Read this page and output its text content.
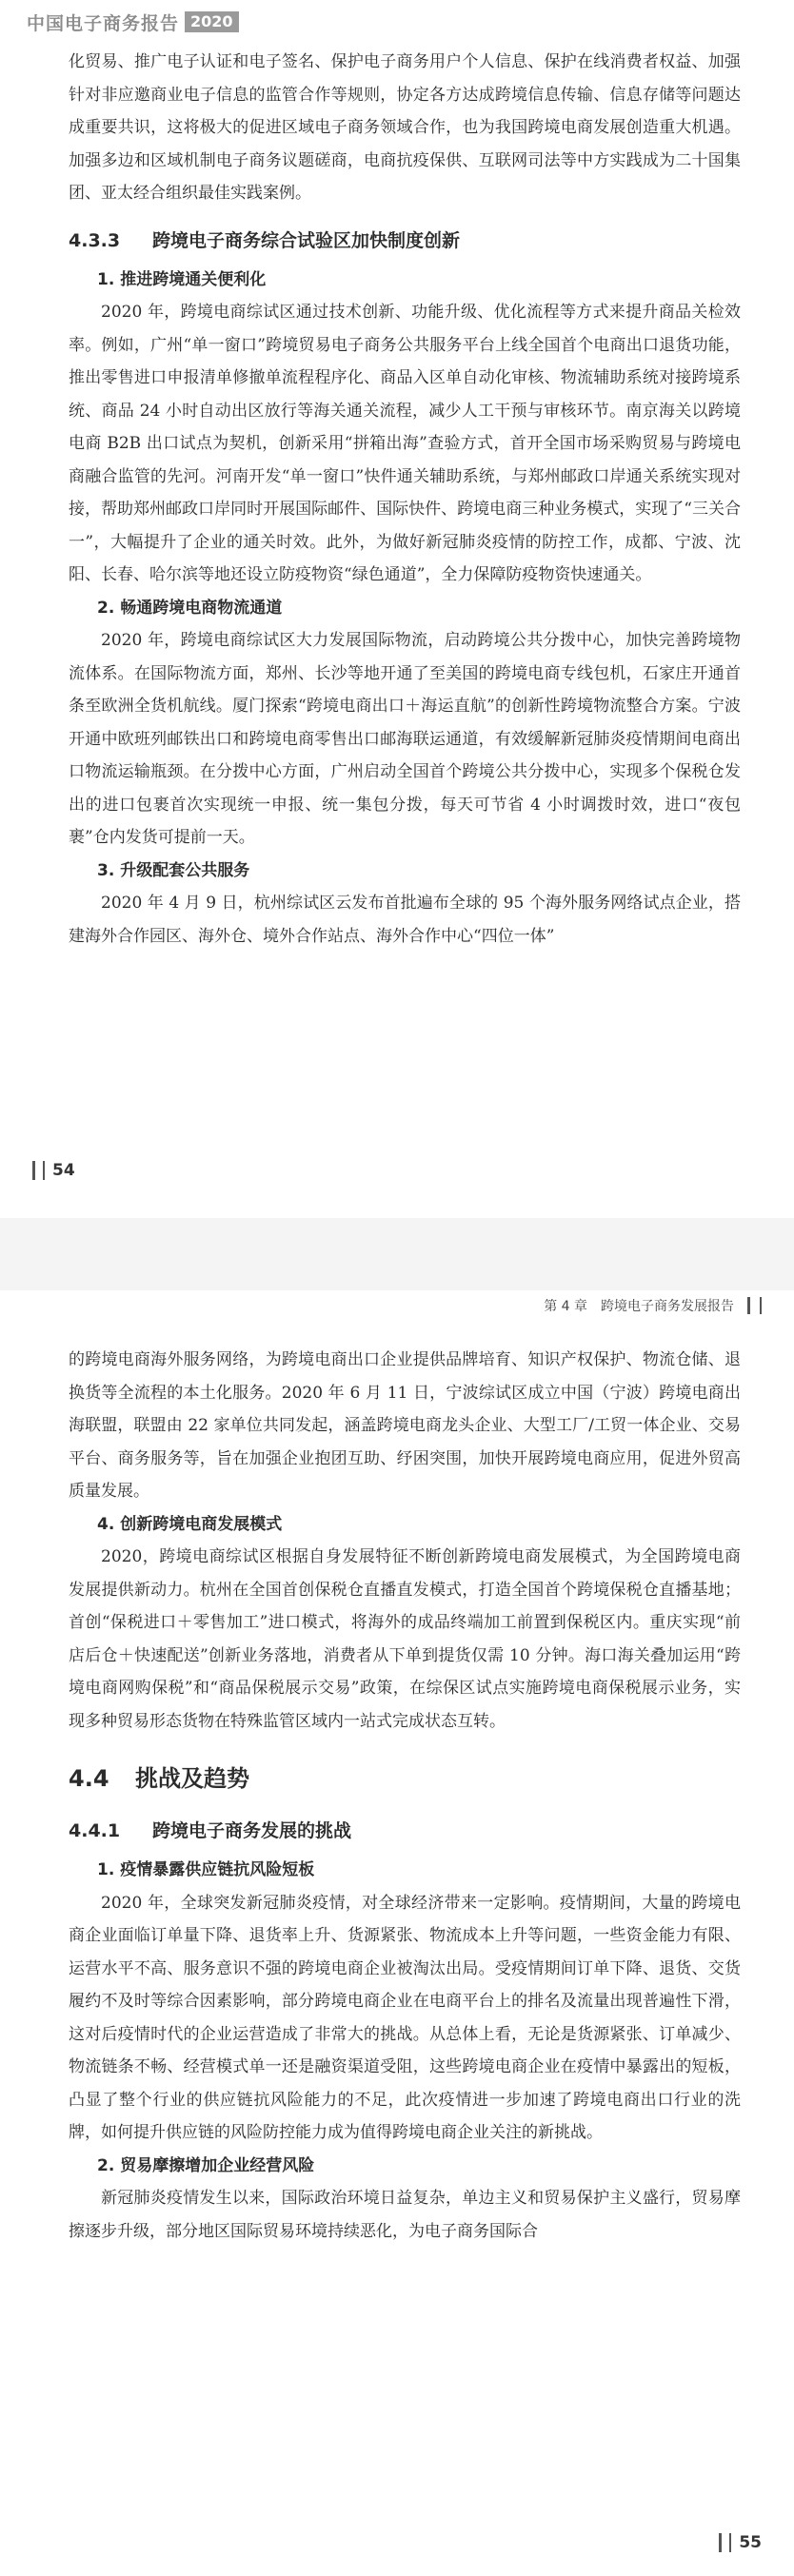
中国电子商务报告 2020

化贸易、推广电子认证和电子签名、保护电子商务用户个人信息、保护在线消费者权益、加强针对非应邀商业电子信息的监管合作等规则，协定各方达成跨境信息传输、信息存储等问题达成重要共识，这将极大的促进区域电子商务领域合作，也为我国跨境电商发展创造重大机遇。加强多边和区域机制电子商务议题磋商，电商抗疫保供、互联网司法等中方实践成为二十国集团、亚太经合组织最佳实践案例。

4.3.3 跨境电子商务综合试验区加快制度创新

1. 推进跨境通关便利化

2020 年，跨境电商综试区通过技术创新、功能升级、优化流程等方式来提升商品关检效率。例如，广州“单一窗口”跨境贸易电子商务公共服务平台上线全国首个电商出口退货功能，推出零售进口申报清单修撤单流程程序化、商品入区单自动化审核、物流辅助系统对接跨境系统、商品 24 小时自动出区放行等海关通关流程，减少人工干预与审核环节。南京海关以跨境电商 B2B 出口试点为契机，创新采用“拼箱出海”查验方式，首开全国市场采购贸易与跨境电商融合监管的先河。河南开发“单一窗口”快件通关辅助系统，与郑州邮政口岸通关系统实现对接，帮助郑州邮政口岸同时开展国际邮件、国际快件、跨境电商三种业务模式，实现了“三关合一”，大幅提升了企业的通关时效。此外，为做好新冠肺炎疫情的防控工作，成都、宁波、沈阳、长春、哈尔滨等地还设立防疫物资“绿色通道”，全力保障防疫物资快速通关。

2. 畅通跨境电商物流通道

2020 年，跨境电商综试区大力发展国际物流，启动跨境公共分拨中心，加快完善跨境物流体系。在国际物流方面，郑州、长沙等地开通了至美国的跨境电商专线包机，石家庄开通首条至欧洲全货机航线。厦门探索“跨境电商出口＋海运直航”的创新性跨境物流整合方案。宁波开通中欧班列邮铁出口和跨境电商零售出口邮海联运通道，有效缓解新冠肺炎疫情期间电商出口物流运输瓶颈。在分拨中心方面，广州启动全国首个跨境公共分拨中心，实现多个保税仓发出的进口包裹首次实现统一申报、统一集包分拨，每天可节省 4 小时调拨时效，进口“夜包裹”仓内发货可提前一天。

3. 升级配套公共服务

2020 年 4 月 9 日，杭州综试区云发布首批遍布全球的 95 个海外服务网络试点企业，搭建海外合作园区、海外仓、境外合作站点、海外合作中心“四位一体”

54
第 4 章　跨境电子商务发展报告

的跨境电商海外服务网络，为跨境电商出口企业提供品牌培育、知识产权保护、物流仓储、退换货等全流程的本土化服务。2020 年 6 月 11 日，宁波综试区成立中国（宁波）跨境电商出海联盟，联盟由 22 家单位共同发起，涵盖跨境电商龙头企业、大型工厂/工贸一体企业、交易平台、商务服务等，旨在加强企业抱团互助、纾困突围，加快开展跨境电商应用，促进外贸高质量发展。

4. 创新跨境电商发展模式

2020，跨境电商综试区根据自身发展特征不断创新跨境电商发展模式，为全国跨境电商发展提供新动力。杭州在全国首创保税仓直播直发模式，打造全国首个跨境保税仓直播基地；首创“保税进口＋零售加工”进口模式，将海外的成品终端加工前置到保税区内。重庆实现“前店后仓＋快速配送”创新业务落地，消费者从下单到提货仅需 10 分钟。海口海关叠加运用“跨境电商网购保税”和“商品保税展示交易”政策，在综保区试点实施跨境电商保税展示业务，实现多种贸易形态货物在特殊监管区域内一站式完成状态互转。

4.4 挑战及趋势

4.4.1 跨境电子商务发展的挑战

1. 疫情暴露供应链抗风险短板

2020 年，全球突发新冠肺炎疫情，对全球经济带来一定影响。疫情期间，大量的跨境电商企业面临订单量下降、退货率上升、货源紧张、物流成本上升等问题，一些资金能力有限、运营水平不高、服务意识不强的跨境电商企业被淘汰出局。受疫情期间订单下降、退货、交货履约不及时等综合因素影响，部分跨境电商企业在电商平台上的排名及流量出现普遍性下滑，这对后疫情时代的企业运营造成了非常大的挑战。从总体上看，无论是货源紧张、订单减少、物流链条不畅、经营模式单一还是融资渠道受阻，这些跨境电商企业在疫情中暴露出的短板，凸显了整个行业的供应链抗风险能力的不足，此次疫情进一步加速了跨境电商出口行业的洗牌，如何提升供应链的风险防控能力成为值得跨境电商企业关注的新挑战。

2. 贸易摩擦增加企业经营风险

新冠肺炎疫情发生以来，国际政治环境日益复杂，单边主义和贸易保护主义盛行，贸易摩擦逐步升级，部分地区国际贸易环境持续恶化，为电子商务国际合

55
